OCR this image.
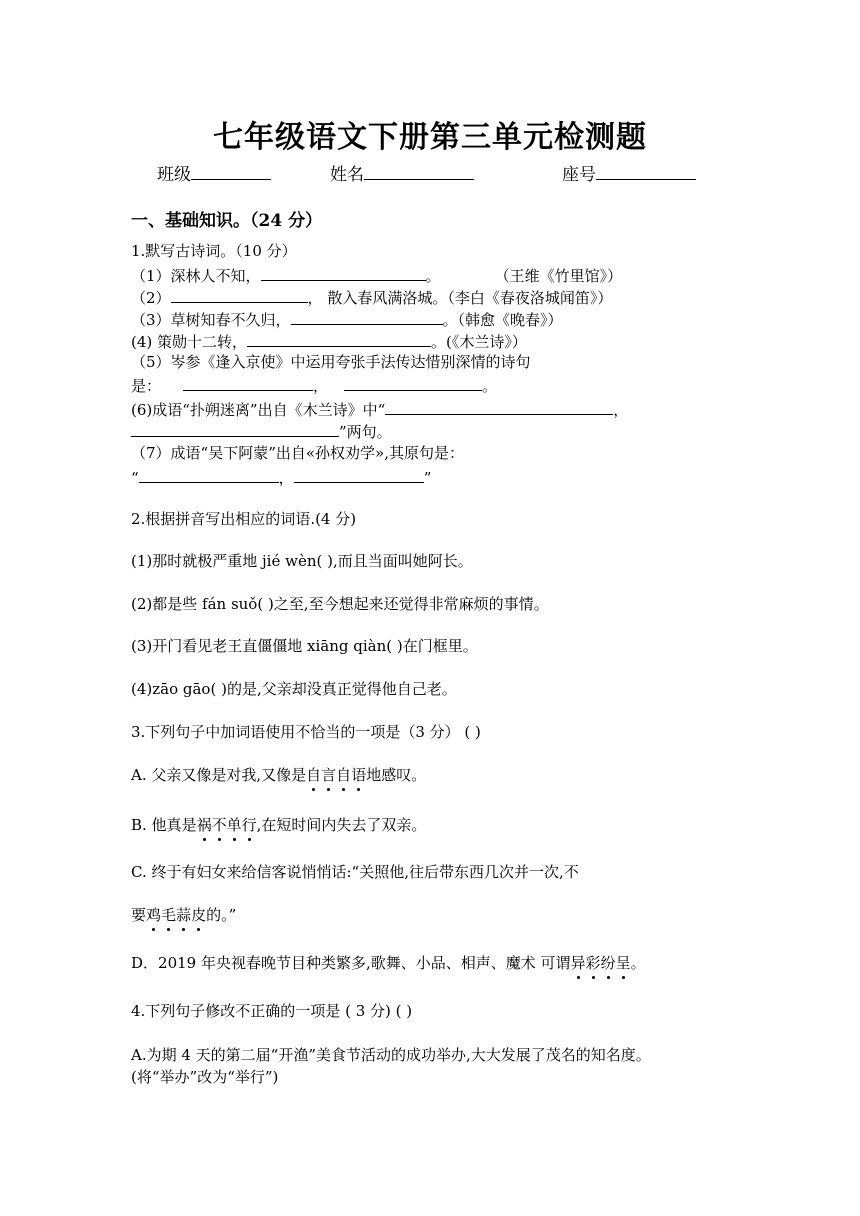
七年级语文下册第三单元检测题
班级	姓名	座号
一、基础知识。（24 分）
1.默写古诗词。（10 分）
（1）深林人不知，	。	（王维《竹里馆》）
（2）	， 散入春风满洛城。（李白《春夜洛城闻笛》）
（3）草树知春不久归，	。（韩愈《晚春》）
(4) 策勋十二转，	。(《木兰诗》）
（5）岑参《逢入京使》中运用夸张手法传达惜别深情的诗句
是：	，	。
(6)成语“扑朔迷离”出自《木兰诗》中“	，
”两句。
（7）成语“吴下阿蒙”出自«孙权劝学»,其原句是：
“	，	”
2.根据拼音写出相应的词语.(4 分)
(1)那时就极严重地 jié wèn( ),而且当面叫她阿长。
(2)都是些 fán suǒ( )之至,至今想起来还觉得非常麻烦的事情。
(3)开门看见老王直僵僵地 xiāng qiàn( )在门框里。
(4)zāo gāo( )的是,父亲却没真正觉得他自己老。
3.下列句子中加词语使用不恰当的一项是（3 分） ( )
A. 父亲又像是对我,又像是自言自语地感叹。
B. 他真是祸不单行,在短时间内失去了双亲。
C. 终于有妇女来给信客说悄悄话:“关照他,往后带东西几次并一次,不
要鸡毛蒜皮的。”
D．2019 年央视春晚节目种类繁多,歌舞、小品、相声、魔术 可谓异彩纷呈。
4.下列句子修改不正确的一项是 ( 3 分) ( )
A.为期 4 天的第二届“开渔”美食节活动的成功举办,大大发展了茂名的知名度。
(将“举办”改为“举行”)
